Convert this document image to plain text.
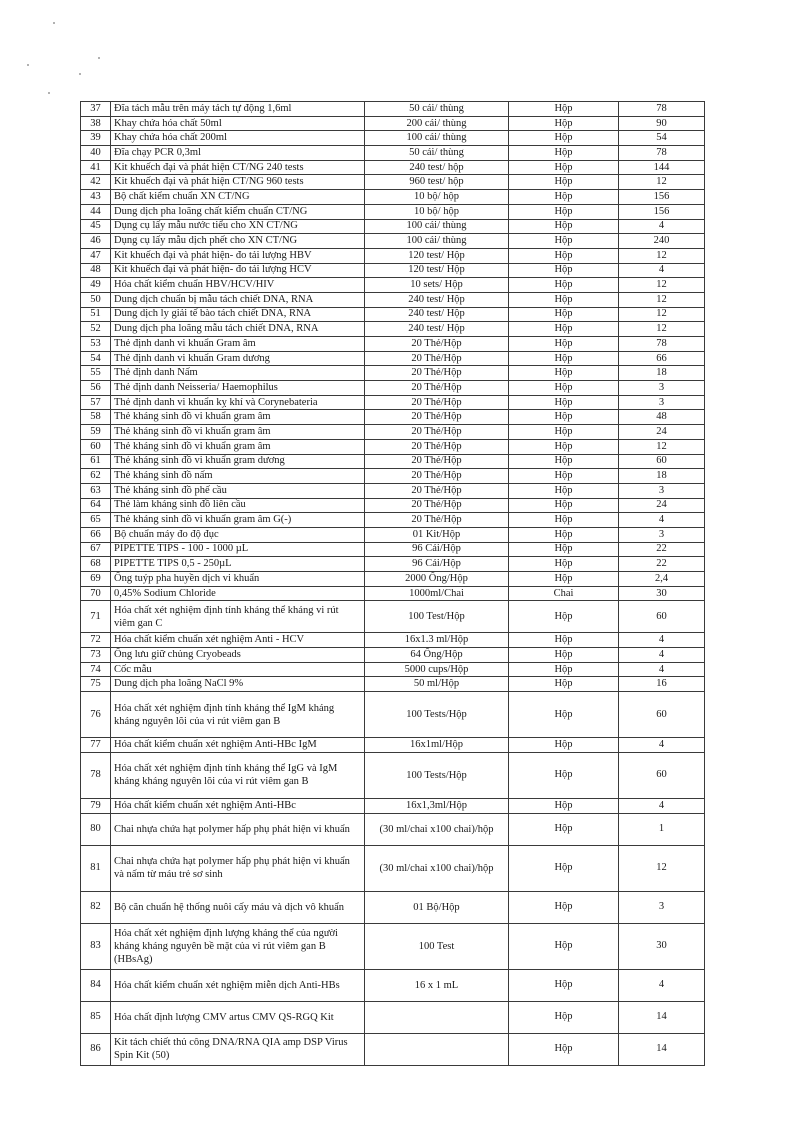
37	Đĩa tách mẫu trên máy tách tự động 1,6ml	50 cái/ thùng	Hộp	78
38	Khay chứa hóa chất 50ml	200 cái/ thùng	Hộp	90
39	Khay chứa hóa chất 200ml	100 cái/ thùng	Hộp	54
40	Đĩa chạy PCR 0,3ml	50 cái/ thùng	Hộp	78
41	Kit khuếch đại và phát hiện CT/NG 240 tests	240 test/ hộp	Hộp	144
42	Kit khuếch đại và phát hiện CT/NG 960 tests	960 test/ hộp	Hộp	12
43	Bộ chất kiểm chuẩn XN CT/NG	10 bộ/ hộp	Hộp	156
44	Dung dịch pha loãng chất kiểm chuẩn CT/NG	10 bộ/ hộp	Hộp	156
45	Dụng cụ lấy mẫu nước tiểu cho XN CT/NG	100 cái/ thùng	Hộp	4
46	Dụng cụ lấy mẫu dịch phết cho XN CT/NG	100 cái/ thùng	Hộp	240
47	Kit khuếch đại và phát hiện- đo tải lượng HBV	120 test/ Hộp	Hộp	12
48	Kit khuếch đại và phát hiện- đo tải lượng HCV	120 test/ Hộp	Hộp	4
49	Hóa chất kiểm chuẩn HBV/HCV/HIV	10 sets/ Hộp	Hộp	12
50	Dung dịch chuẩn bị mẫu tách chiết DNA, RNA	240 test/ Hộp	Hộp	12
51	Dung dịch ly giải tế bào tách chiết DNA, RNA	240 test/ Hộp	Hộp	12
52	Dung dịch pha loãng mẫu tách chiết DNA, RNA	240 test/ Hộp	Hộp	12
53	Thẻ định danh vi khuẩn Gram âm	20 Thẻ/Hộp	Hộp	78
54	Thẻ định danh vi khuẩn Gram dương	20 Thẻ/Hộp	Hộp	66
55	Thẻ định danh Nấm	20 Thẻ/Hộp	Hộp	18
56	Thẻ định danh Neisseria/ Haemophilus	20 Thẻ/Hộp	Hộp	3
57	Thẻ định danh vi khuẩn kỵ khí và Corynebateria	20 Thẻ/Hộp	Hộp	3
58	Thẻ kháng sinh đồ vi khuẩn gram âm	20 Thẻ/Hộp	Hộp	48
59	Thẻ kháng sinh đồ vi khuẩn gram âm	20 Thẻ/Hộp	Hộp	24
60	Thẻ kháng sinh đồ vi khuẩn gram âm	20 Thẻ/Hộp	Hộp	12
61	Thẻ kháng sinh đồ vi khuẩn gram dương	20 Thẻ/Hộp	Hộp	60
62	Thẻ kháng sinh đồ nấm	20 Thẻ/Hộp	Hộp	18
63	Thẻ kháng sinh đồ phế cầu	20 Thẻ/Hộp	Hộp	3
64	Thẻ làm kháng sinh đồ liên cầu	20 Thẻ/Hộp	Hộp	24
65	Thẻ kháng sinh đồ vi khuẩn gram âm G(-)	20 Thẻ/Hộp	Hộp	4
66	Bộ chuẩn máy đo độ đục	01 Kit/Hộp	Hộp	3
67	PIPETTE TIPS - 100 - 1000 µL	96 Cái/Hộp	Hộp	22
68	PIPETTE TIPS 0,5 - 250µL	96 Cái/Hộp	Hộp	22
69	Ống tuýp pha huyền dịch vi khuẩn	2000 Ống/Hộp	Hộp	2,4
70	0,45% Sodium Chloride	1000ml/Chai	Chai	30
71	Hóa chất xét nghiệm định tính kháng thể kháng vi rút viêm gan C	100 Test/Hộp	Hộp	60
72	Hóa chất kiểm chuẩn xét nghiệm Anti - HCV	16x1.3 ml/Hộp	Hộp	4
73	Ống lưu giữ chủng Cryobeads	64 Ống/Hộp	Hộp	4
74	Cốc mẫu	5000 cups/Hộp	Hộp	4
75	Dung dịch pha loãng NaCl 9%	50 ml/Hộp	Hộp	16
76	Hóa chất xét nghiệm định tính kháng thể IgM kháng kháng nguyên lõi của vi rút viêm gan B	100 Tests/Hộp	Hộp	60
77	Hóa chất kiểm chuẩn xét nghiệm Anti-HBc IgM	16x1ml/Hộp	Hộp	4
78	Hóa chất xét nghiệm định tính kháng thể IgG và IgM kháng kháng nguyên lõi của vi rút viêm gan B	100 Tests/Hộp	Hộp	60
79	Hóa chất kiểm chuẩn xét nghiệm Anti-HBc	16x1,3ml/Hộp	Hộp	4
80	Chai nhựa chứa hạt polymer hấp phụ phát hiện vi khuẩn	(30 ml/chai x100 chai)/hộp	Hộp	1
81	Chai nhựa chứa hạt polymer hấp phụ phát hiện vi khuẩn và nấm từ máu trẻ sơ sinh	(30 ml/chai x100 chai)/hộp	Hộp	12
82	Bộ căn chuẩn hệ thống nuôi cấy máu và dịch vô khuẩn	01 Bộ/Hộp	Hộp	3
83	Hóa chất xét nghiệm định lượng kháng thể của người kháng kháng nguyên bề mặt của vi rút viêm gan B (HBsAg)	100 Test	Hộp	30
84	Hóa chất kiểm chuẩn xét nghiệm miễn dịch Anti-HBs	16 x 1 mL	Hộp	4
85	Hóa chất định lượng CMV artus CMV QS-RGQ Kit		Hộp	14
86	Kit tách chiết thủ công DNA/RNA QIA amp DSP Virus Spin Kit (50)		Hộp	14
